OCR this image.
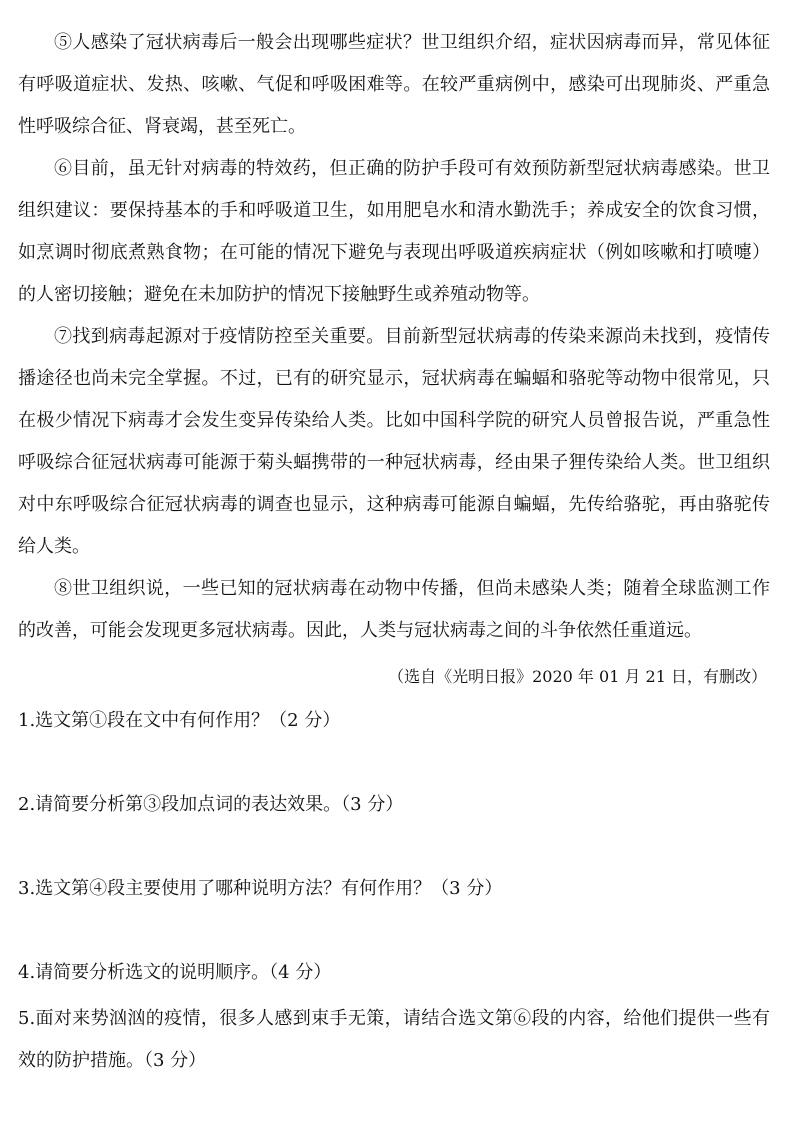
⑤人感染了冠状病毒后一般会出现哪些症状？世卫组织介绍，症状因病毒而异，常见体征有呼吸道症状、发热、咳嗽、气促和呼吸困难等。在较严重病例中，感染可出现肺炎、严重急性呼吸综合征、肾衰竭，甚至死亡。

⑥目前，虽无针对病毒的特效药，但正确的防护手段可有效预防新型冠状病毒感染。世卫组织建议：要保持基本的手和呼吸道卫生，如用肥皂水和清水勤洗手；养成安全的饮食习惯，如烹调时彻底煮熟食物；在可能的情况下避免与表现出呼吸道疾病症状（例如咳嗽和打喷嚏）的人密切接触；避免在未加防护的情况下接触野生或养殖动物等。

⑦找到病毒起源对于疫情防控至关重要。目前新型冠状病毒的传染来源尚未找到，疫情传播途径也尚未完全掌握。不过，已有的研究显示，冠状病毒在蝙蝠和骆驼等动物中很常见，只在极少情况下病毒才会发生变异传染给人类。比如中国科学院的研究人员曾报告说，严重急性呼吸综合征冠状病毒可能源于菊头蝠携带的一种冠状病毒，经由果子狸传染给人类。世卫组织对中东呼吸综合征冠状病毒的调查也显示，这种病毒可能源自蝙蝠，先传给骆驼，再由骆驼传给人类。

⑧世卫组织说，一些已知的冠状病毒在动物中传播，但尚未感染人类；随着全球监测工作的改善，可能会发现更多冠状病毒。因此，人类与冠状病毒之间的斗争依然任重道远。

（选自《光明日报》2020 年 01 月 21 日，有删改）

1.选文第①段在文中有何作用？（2 分）

2.请简要分析第③段加点词的表达效果。（3 分）

3.选文第④段主要使用了哪种说明方法？有何作用？（3 分）

4.请简要分析选文的说明顺序。（4 分）

5.面对来势汹汹的疫情，很多人感到束手无策，请结合选文第⑥段的内容，给他们提供一些有效的防护措施。（3 分）
